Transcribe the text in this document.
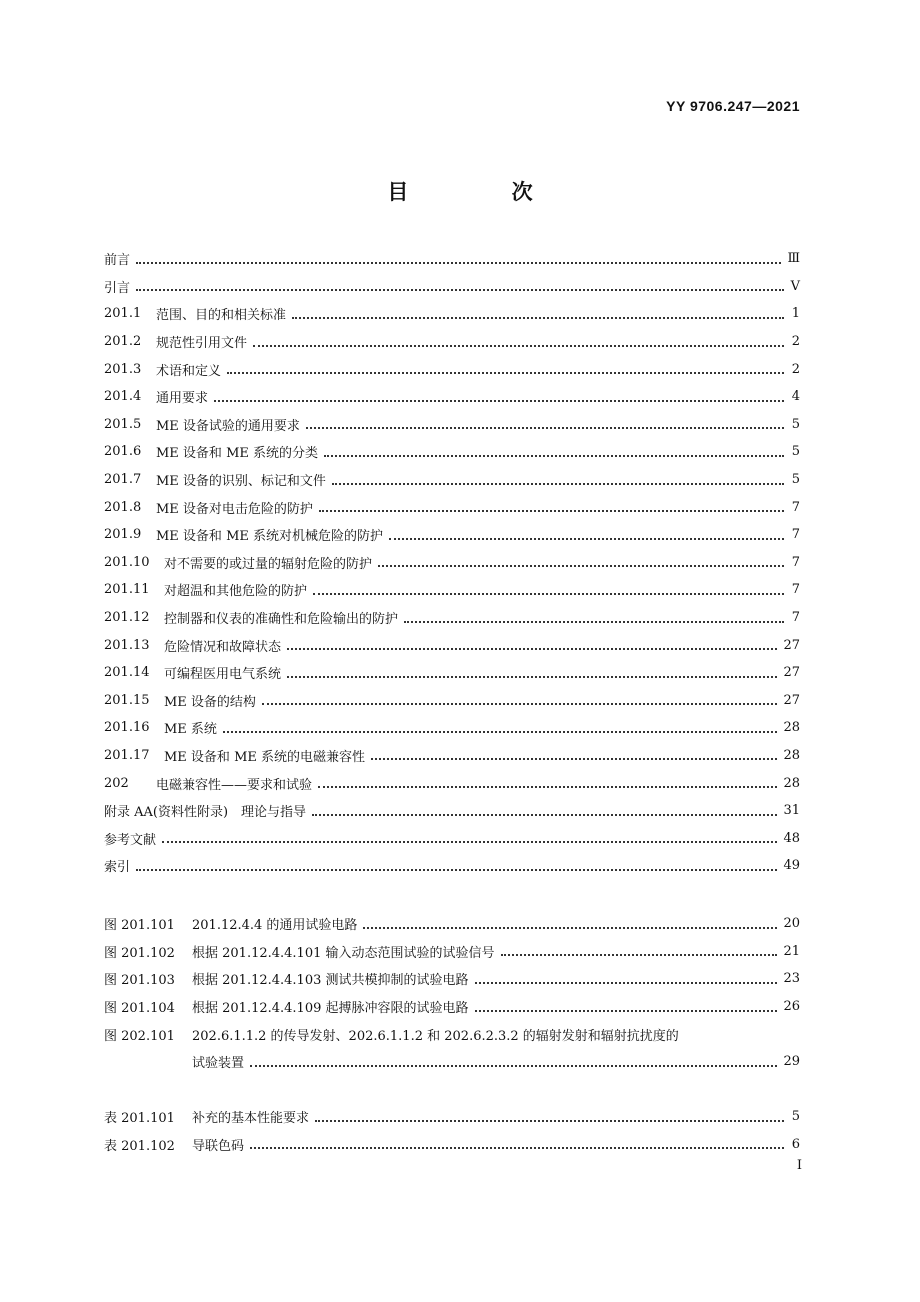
YY 9706.247—2021
目 次
前言	Ⅲ
引言	Ⅴ
201.1	范围、目的和相关标准	1
201.2	规范性引用文件	2
201.3	术语和定义	2
201.4	通用要求	4
201.5	ME 设备试验的通用要求	5
201.6	ME 设备和 ME 系统的分类	5
201.7	ME 设备的识别、标记和文件	5
201.8	ME 设备对电击危险的防护	7
201.9	ME 设备和 ME 系统对机械危险的防护	7
201.10	对不需要的或过量的辐射危险的防护	7
201.11	对超温和其他危险的防护	7
201.12	控制器和仪表的准确性和危险输出的防护	7
201.13	危险情况和故障状态	27
201.14	可编程医用电气系统	27
201.15	ME 设备的结构	27
201.16	ME 系统	28
201.17	ME 设备和 ME 系统的电磁兼容性	28
202	电磁兼容性——要求和试验	28
附录 AA(资料性附录)　理论与指导	31
参考文献	48
索引	49
图 201.101	201.12.4.4 的通用试验电路	20
图 201.102	根据 201.12.4.4.101 输入动态范围试验的试验信号	21
图 201.103	根据 201.12.4.4.103 测试共模抑制的试验电路	23
图 201.104	根据 201.12.4.4.109 起搏脉冲容限的试验电路	26
图 202.101	202.6.1.1.2 的传导发射、202.6.1.1.2 和 202.6.2.3.2 的辐射发射和辐射抗扰度的
试验装置	29
表 201.101	补充的基本性能要求	5
表 201.102	导联色码	6
I
